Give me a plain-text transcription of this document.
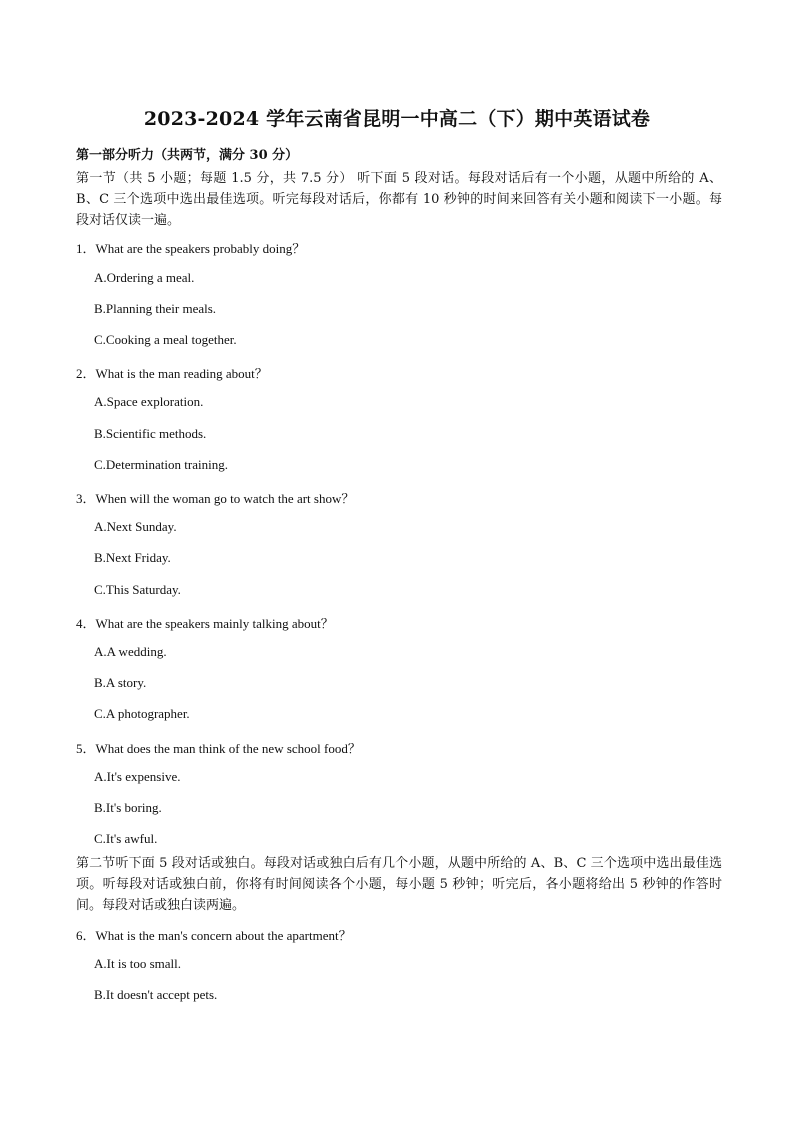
2023-2024 学年云南省昆明一中高二（下）期中英语试卷
第一部分听力（共两节，满分 30 分）
第一节（共 5 小题；每题 1.5 分，共 7.5 分） 听下面 5 段对话。每段对话后有一个小题，从题中所给的 A、B、C 三个选项中选出最佳选项。听完每段对话后，你都有 10 秒钟的时间来回答有关小题和阅读下一小题。每段对话仅读一遍。
1．What are the speakers probably doing？
A.Ordering a meal.
B.Planning their meals.
C.Cooking a meal together.
2．What is the man reading about？
A.Space exploration.
B.Scientific methods.
C.Determination training.
3．When will the woman go to watch the art show？
A.Next Sunday.
B.Next Friday.
C.This Saturday.
4．What are the speakers mainly talking about？
A.A wedding.
B.A story.
C.A photographer.
5．What does the man think of the new school food？
A.It's expensive.
B.It's boring.
C.It's awful.
第二节听下面 5 段对话或独白。每段对话或独白后有几个小题，从题中所给的 A、B、C 三个选项中选出最佳选项。听每段对话或独白前，你将有时间阅读各个小题，每小题 5 秒钟；听完后，各小题将给出 5 秒钟的作答时间。每段对话或独白读两遍。
6．What is the man's concern about the apartment？
A.It is too small.
B.It doesn't accept pets.
